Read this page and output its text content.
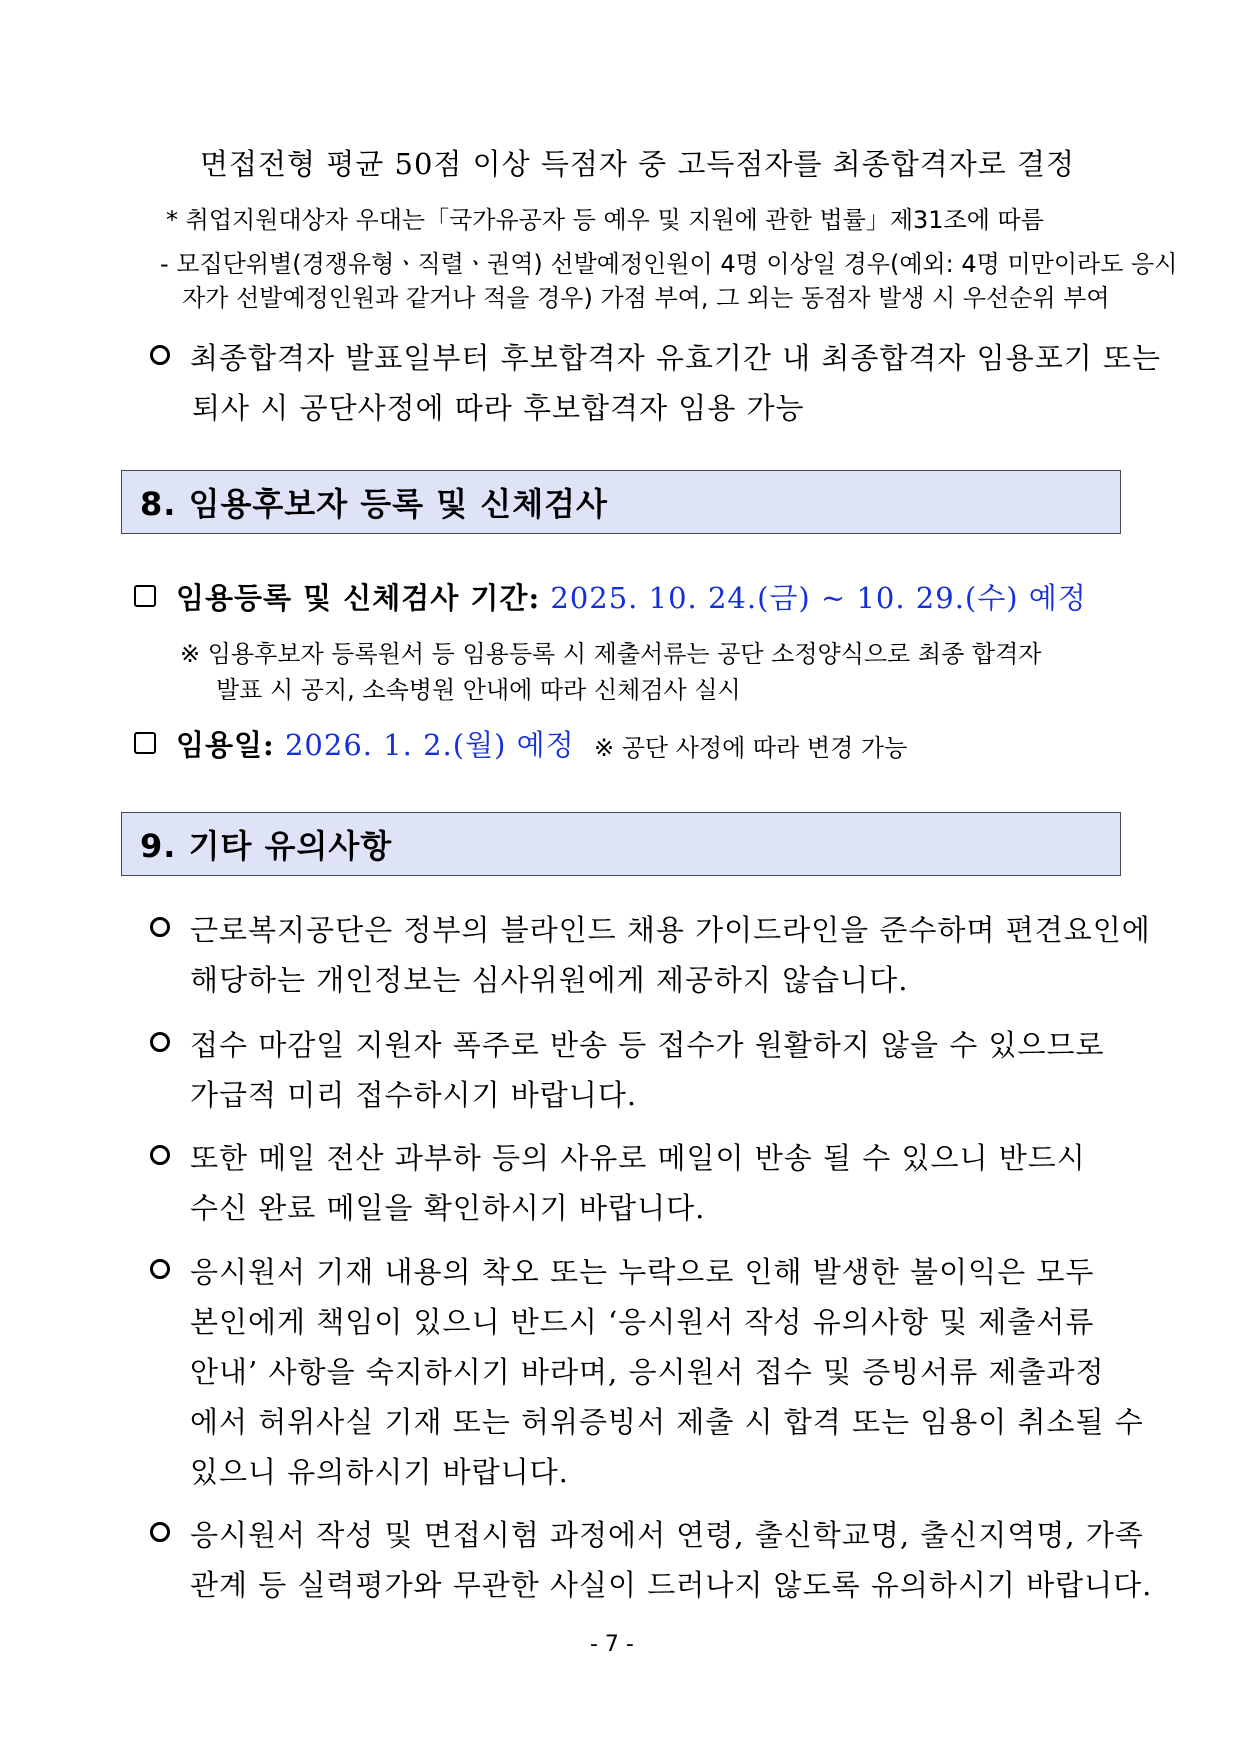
면접전형 평균 50점 이상 득점자 중 고득점자를 최종합격자로 결정
* 취업지원대상자 우대는「국가유공자 등 예우 및 지원에 관한 법률」제31조에 따름
- 모집단위별(경쟁유형ㆍ직렬ㆍ권역) 선발예정인원이 4명 이상일 경우(예외: 4명 미만이라도 응시
자가 선발예정인원과 같거나 적을 경우) 가점 부여, 그 외는 동점자 발생 시 우선순위 부여
최종합격자 발표일부터 후보합격자 유효기간 내 최종합격자 임용포기 또는
퇴사 시 공단사정에 따라 후보합격자 임용 가능
8. 임용후보자 등록 및 신체검사
임용등록 및 신체검사 기간: 2025. 10. 24.(금) ~ 10. 29.(수) 예정
※ 임용후보자 등록원서 등 임용등록 시 제출서류는 공단 소정양식으로 최종 합격자
발표 시 공지, 소속병원 안내에 따라 신체검사 실시
임용일: 2026. 1. 2.(월) 예정 ※ 공단 사정에 따라 변경 가능
9. 기타 유의사항
근로복지공단은 정부의 블라인드 채용 가이드라인을 준수하며 편견요인에
해당하는 개인정보는 심사위원에게 제공하지 않습니다.
접수 마감일 지원자 폭주로 반송 등 접수가 원활하지 않을 수 있으므로
가급적 미리 접수하시기 바랍니다.
또한 메일 전산 과부하 등의 사유로 메일이 반송 될 수 있으니 반드시
수신 완료 메일을 확인하시기 바랍니다.
응시원서 기재 내용의 착오 또는 누락으로 인해 발생한 불이익은 모두
본인에게 책임이 있으니 반드시 ‘응시원서 작성 유의사항 및 제출서류
안내’ 사항을 숙지하시기 바라며, 응시원서 접수 및 증빙서류 제출과정
에서 허위사실 기재 또는 허위증빙서 제출 시 합격 또는 임용이 취소될 수
있으니 유의하시기 바랍니다.
응시원서 작성 및 면접시험 과정에서 연령, 출신학교명, 출신지역명, 가족
관계 등 실력평가와 무관한 사실이 드러나지 않도록 유의하시기 바랍니다.
- 7 -
